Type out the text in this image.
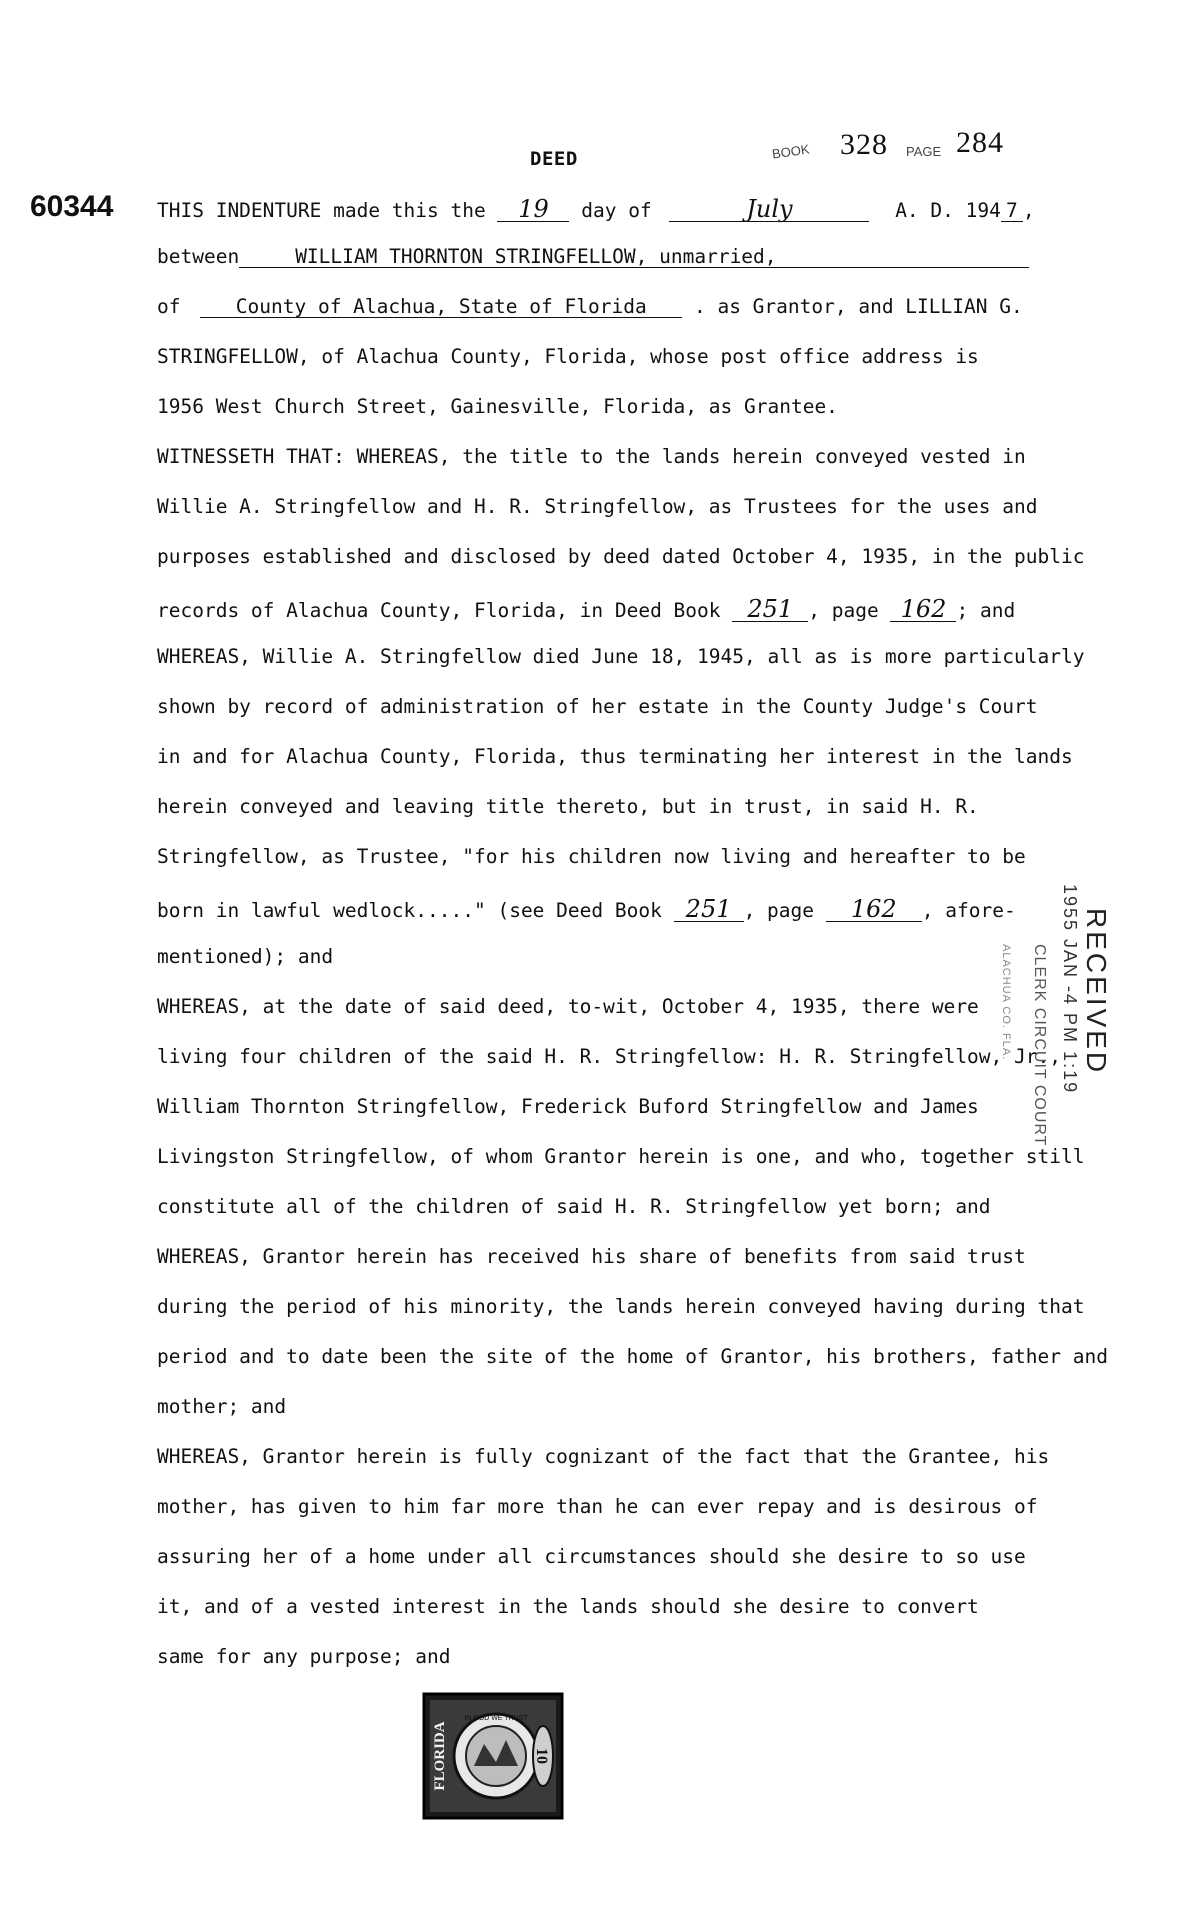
DEED	BOOK 328 PAGE 284
60344 THIS INDENTURE made this the 19 day of	July	A. D. 194 7 ,
between	WILLIAM THORNTON STRINGFELLOW, unmarried,
of	County of Alachua, State of Florida . as Grantor, and LILLIAN G.
STRINGFELLOW, of Alachua County, Florida, whose post office address is
1956 West Church Street, Gainesville, Florida, as Grantee.
WITNESSETH THAT: WHEREAS, the title to the lands herein conveyed vested in
Willie A. Stringfellow and H. R. Stringfellow, as Trustees for the uses and
purposes established and disclosed by deed dated October 4, 1935, in the public
records of Alachua County, Florida, in Deed Book 251 , page 162 ; and
WHEREAS, Willie A. Stringfellow died June 18, 1945, all as is more particularly
shown by record of administration of her estate in the County Judge's Court
in and for Alachua County, Florida, thus terminating her interest in the lands
herein conveyed and leaving title thereto, but in trust, in said H. R.
Stringfellow, as Trustee, "for his children now living and hereafter to be
born in lawful wedlock....." (see Deed Book 251 , page 162 , afore-
mentioned); and
WHEREAS, at the date of said deed, to-wit, October 4, 1935, there were
living four children of the said H. R. Stringfellow: H. R. Stringfellow, Jr.,
William Thornton Stringfellow, Frederick Buford Stringfellow and James
Livingston Stringfellow, of whom Grantor herein is one, and who, together still
constitute all of the children of said H. R. Stringfellow yet born; and
WHEREAS, Grantor herein has received his share of benefits from said trust
during the period of his minority, the lands herein conveyed having during that
period and to date been the site of the home of Grantor, his brothers, father and
mother; and
WHEREAS, Grantor herein is fully cognizant of the fact that the Grantee, his
mother, has given to him far more than he can ever repay and is desirous of
assuring her of a home under all circumstances should she desire to so use
it, and of a vested interest in the lands should she desire to convert
same for any purpose; and
RECEIVED
1955 JAN -4 PM 1:19
CLERK CIRCUIT COURT
ALACHUA CO. FLA.
10
FLORIDA
IN GOD WE TRUST
